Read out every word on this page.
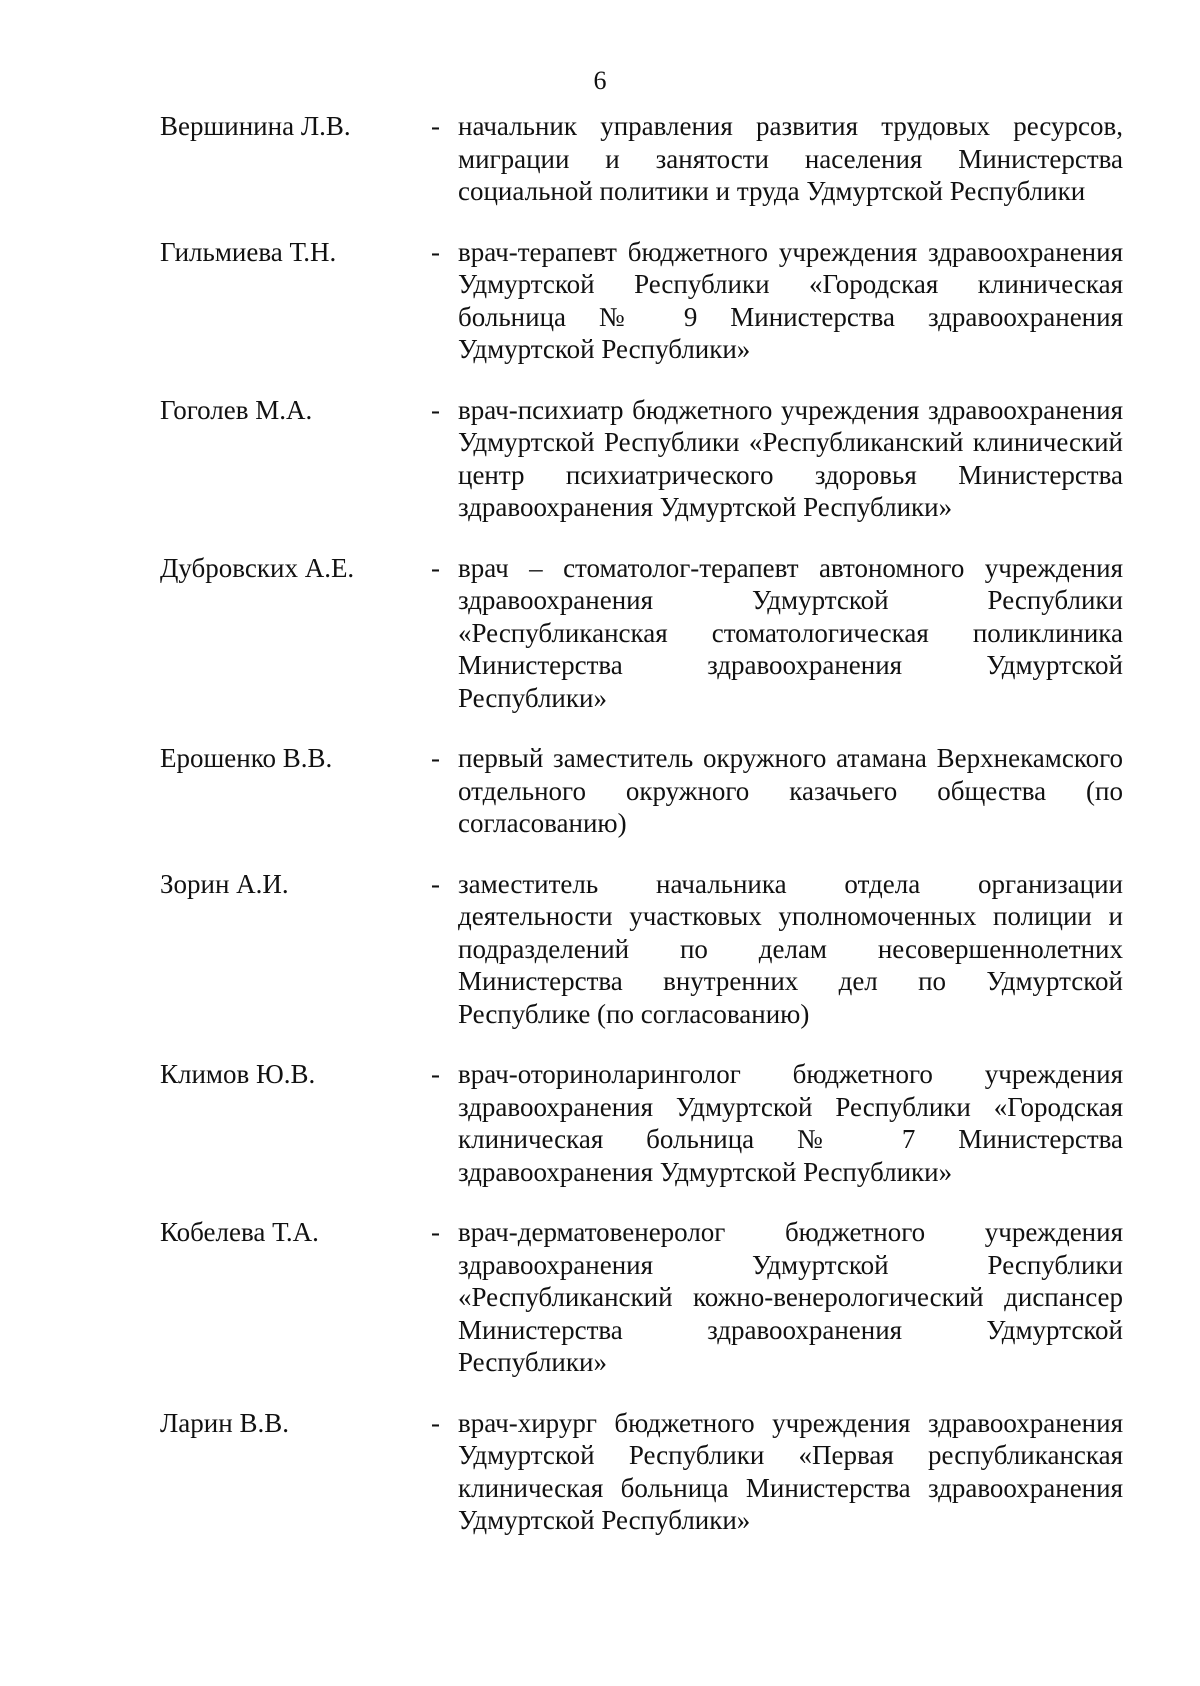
6
Вершинина Л.В.	- начальник управления развития трудовых ресурсов, миграции и занятости населения Министерства социальной политики и труда Удмуртской Республики
Гильмиева Т.Н.	- врач-терапевт бюджетного учреждения здравоохранения Удмуртской Республики «Городская клиническая больница № 9 Министерства здравоохранения Удмуртской Республики»
Гоголев М.А.	- врач-психиатр бюджетного учреждения здравоохранения Удмуртской Республики «Республиканский клинический центр психиатрического здоровья Министерства здравоохранения Удмуртской Республики»
Дубровских А.Е.	- врач – стоматолог-терапевт автономного учреждения здравоохранения Удмуртской Республики «Республиканская стоматологическая поликлиника Министерства здравоохранения Удмуртской Республики»
Ерошенко В.В.	- первый заместитель окружного атамана Верхнекамского отдельного окружного казачьего общества (по согласованию)
Зорин А.И.	- заместитель начальника отдела организации деятельности участковых уполномоченных полиции и подразделений по делам несовершеннолетних Министерства внутренних дел по Удмуртской Республике (по согласованию)
Климов Ю.В.	- врач-оториноларинголог бюджетного учреждения здравоохранения Удмуртской Республики «Городская клиническая больница № 7 Министерства здравоохранения Удмуртской Республики»
Кобелева Т.А.	- врач-дерматовенеролог бюджетного учреждения здравоохранения Удмуртской Республики «Республиканский кожно-венерологический диспансер Министерства здравоохранения Удмуртской Республики»
Ларин В.В.	- врач-хирург бюджетного учреждения здравоохранения Удмуртской Республики «Первая республиканская клиническая больница Министерства здравоохранения Удмуртской Республики»
